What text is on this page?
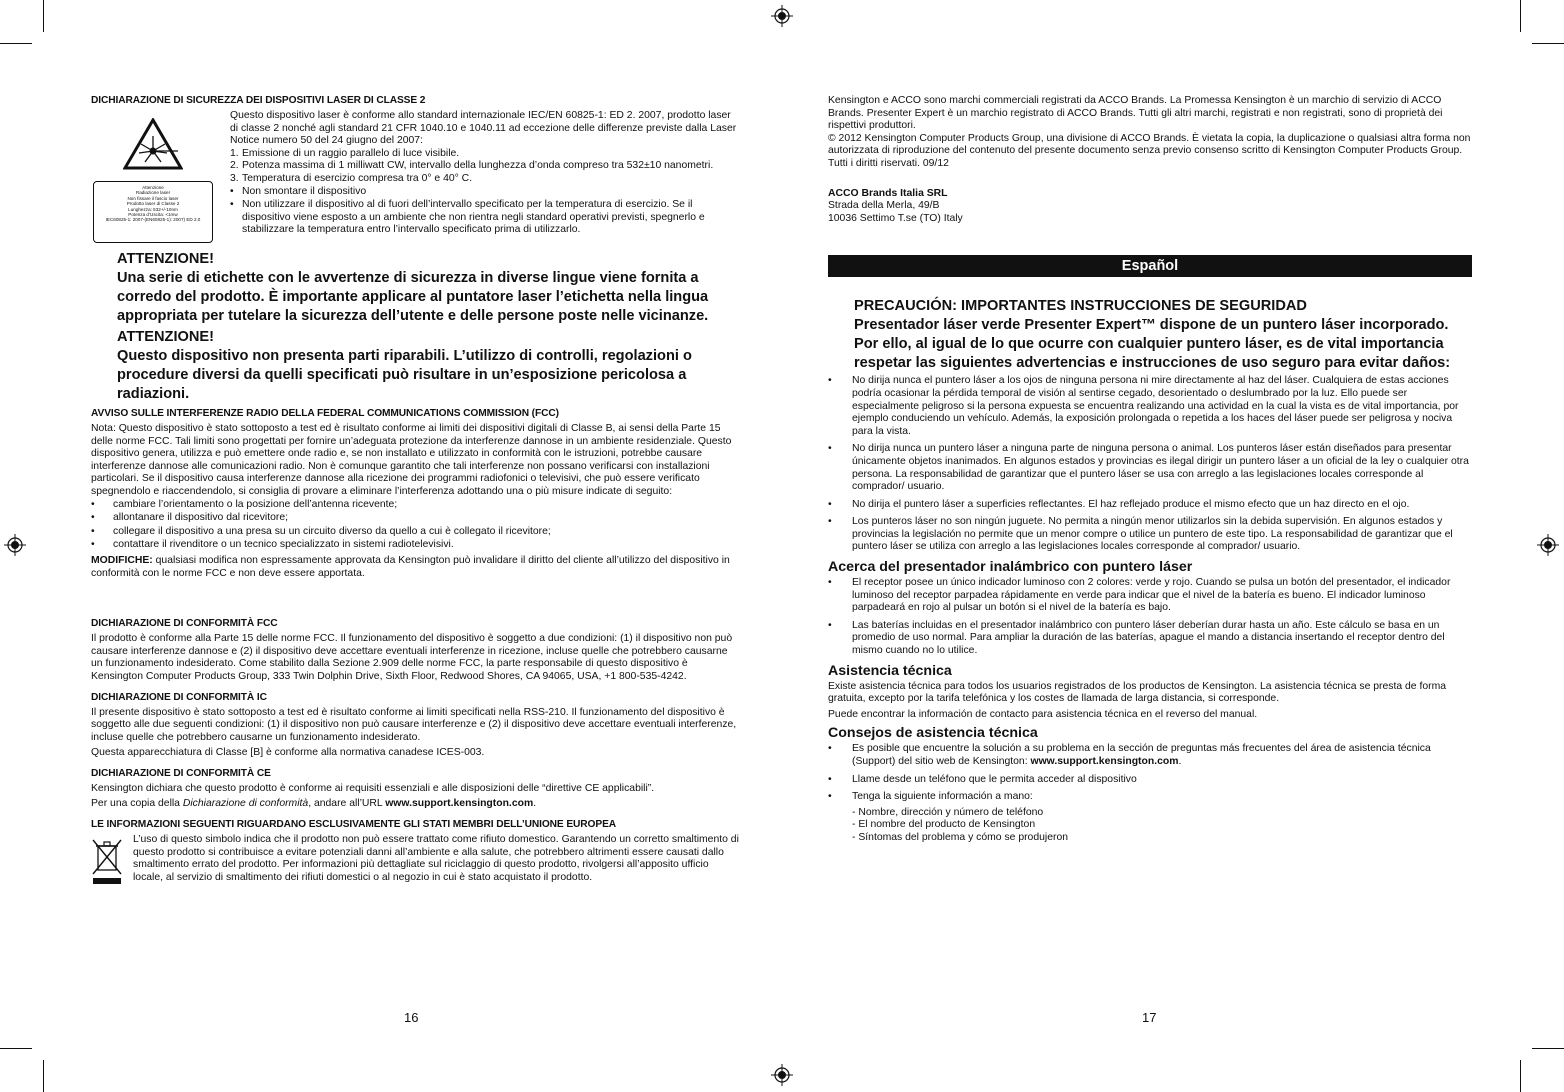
DICHIARAZIONE DI SICUREZZA DEI DISPOSITIVI LASER DI CLASSE 2
Attenzione
Radiazione laser
Non fissare il fascio laser
Prodotto laser di Classe 2
Lunghezza: 532+/-10nm
Potenza d’Uscita: <1mw
IEC60825-1: 2007-(EN60825-1): 2007) ED 2.0
Questo dispositivo laser è conforme allo standard internazionale IEC/EN 60825-1: ED 2. 2007, prodotto laser di classe 2 nonché agli standard 21 CFR 1040.10 e 1040.11 ad eccezione delle differenze previste dalla Laser Notice numero 50 del 24 giugno del 2007:
1. Emissione di un raggio parallelo di luce visibile.
2. Potenza massima di 1 milliwatt CW, intervallo della lunghezza d’onda compreso tra 532±10 nanometri.
3. Temperatura di esercizio compresa tra 0° e 40° C.
• Non smontare il dispositivo
• Non utilizzare il dispositivo al di fuori dell’intervallo specificato per la temperatura di esercizio. Se il dispositivo viene esposto a un ambiente che non rientra negli standard operativi previsti, spegnerlo e stabilizzare la temperatura entro l’intervallo specificato prima di utilizzarlo.
ATTENZIONE!
Una serie di etichette con le avvertenze di sicurezza in diverse lingue viene fornita a corredo del prodotto. È importante applicare al puntatore laser l’etichetta nella lingua appropriata per tutelare la sicurezza dell’utente e delle persone poste nelle vicinanze.
ATTENZIONE!
Questo dispositivo non presenta parti riparabili. L’utilizzo di controlli, regolazioni o procedure diversi da quelli specificati può risultare in un’esposizione pericolosa a radiazioni.
AVVISO SULLE INTERFERENZE RADIO DELLA FEDERAL COMMUNICATIONS COMMISSION (FCC)
Nota: Questo dispositivo è stato sottoposto a test ed è risultato conforme ai limiti dei dispositivi digitali di Classe B, ai sensi della Parte 15 delle norme FCC. Tali limiti sono progettati per fornire un’adeguata protezione da interferenze dannose in un ambiente residenziale. Questo dispositivo genera, utilizza e può emettere onde radio e, se non installato e utilizzato in conformità con le istruzioni, potrebbe causare interferenze dannose alle comunicazioni radio. Non è comunque garantito che tali interferenze non possano verificarsi con installazioni particolari. Se il dispositivo causa interferenze dannose alla ricezione dei programmi radiofonici o televisivi, che può essere verificato spegnendolo e riaccendendolo, si consiglia di provare a eliminare l’interferenza adottando una o più misure indicate di seguito:
• cambiare l’orientamento o la posizione dell’antenna ricevente;
• allontanare il dispositivo dal ricevitore;
• collegare il dispositivo a una presa su un circuito diverso da quello a cui è collegato il ricevitore;
• contattare il rivenditore o un tecnico specializzato in sistemi radiotelevisivi.
MODIFICHE: qualsiasi modifica non espressamente approvata da Kensington può invalidare il diritto del cliente all’utilizzo del dispositivo in conformità con le norme FCC e non deve essere apportata.
DICHIARAZIONE DI CONFORMITÀ FCC
Il prodotto è conforme alla Parte 15 delle norme FCC. Il funzionamento del dispositivo è soggetto a due condizioni: (1) il dispositivo non può causare interferenze dannose e (2) il dispositivo deve accettare eventuali interferenze in ricezione, incluse quelle che potrebbero causarne un funzionamento indesiderato. Come stabilito dalla Sezione 2.909 delle norme FCC, la parte responsabile di questo dispositivo è Kensington Computer Products Group, 333 Twin Dolphin Drive, Sixth Floor, Redwood Shores, CA 94065, USA, +1 800-535-4242.
DICHIARAZIONE DI CONFORMITÀ IC
Il presente dispositivo è stato sottoposto a test ed è risultato conforme ai limiti specificati nella RSS-210. Il funzionamento del dispositivo è soggetto alle due seguenti condizioni: (1) il dispositivo non può causare interferenze e (2) il dispositivo deve accettare eventuali interferenze, incluse quelle che potrebbero causarne un funzionamento indesiderato.
Questa apparecchiatura di Classe [B] è conforme alla normativa canadese ICES-003.
DICHIARAZIONE DI CONFORMITÀ CE
Kensington dichiara che questo prodotto è conforme ai requisiti essenziali e alle disposizioni delle “direttive CE applicabili”.
Per una copia della Dichiarazione di conformità, andare all’URL www.support.kensington.com.
LE INFORMAZIONI SEGUENTI RIGUARDANO ESCLUSIVAMENTE GLI STATI MEMBRI DELL’UNIONE EUROPEA
L’uso di questo simbolo indica che il prodotto non può essere trattato come rifiuto domestico. Garantendo un corretto smaltimento di questo prodotto si contribuisce a evitare potenziali danni all’ambiente e alla salute, che potrebbero altrimenti essere causati dallo smaltimento errato del prodotto. Per informazioni più dettagliate sul riciclaggio di questo prodotto, rivolgersi all’apposito ufficio locale, al servizio di smaltimento dei rifiuti domestici o al negozio in cui è stato acquistato il prodotto.
16
Kensington e ACCO sono marchi commerciali registrati da ACCO Brands. La Promessa Kensington è un marchio di servizio di ACCO Brands. Presenter Expert è un marchio registrato di ACCO Brands. Tutti gli altri marchi, registrati e non registrati, sono di proprietà dei rispettivi produttori.
© 2012 Kensington Computer Products Group, una divisione di ACCO Brands. È vietata la copia, la duplicazione o qualsiasi altra forma non autorizzata di riproduzione del contenuto del presente documento senza previo consenso scritto di Kensington Computer Products Group. Tutti i diritti riservati. 09/12
ACCO Brands Italia SRL
Strada della Merla, 49/B
10036 Settimo T.se (TO) Italy
Español
PRECAUCIÓN: IMPORTANTES INSTRUCCIONES DE SEGURIDAD
Presentador láser verde Presenter Expert™ dispone de un puntero láser incorporado. Por ello, al igual de lo que ocurre con cualquier puntero láser, es de vital importancia respetar las siguientes advertencias e instrucciones de uso seguro para evitar daños:
• No dirija nunca el puntero láser a los ojos de ninguna persona ni mire directamente al haz del láser. Cualquiera de estas acciones podría ocasionar la pérdida temporal de visión al sentirse cegado, desorientado o deslumbrado por la luz. Ello puede ser especialmente peligroso si la persona expuesta se encuentra realizando una actividad en la cual la vista es de vital importancia, por ejemplo conduciendo un vehículo. Además, la exposición prolongada o repetida a los haces del láser puede ser peligrosa y nociva para la vista.
• No dirija nunca un puntero láser a ninguna parte de ninguna persona o animal. Los punteros láser están diseñados para presentar únicamente objetos inanimados. En algunos estados y provincias es ilegal dirigir un puntero láser a un oficial de la ley o cualquier otra persona. La responsabilidad de garantizar que el puntero láser se usa con arreglo a las legislaciones locales corresponde al comprador/ usuario.
• No dirija el puntero láser a superficies reflectantes. El haz reflejado produce el mismo efecto que un haz directo en el ojo.
• Los punteros láser no son ningún juguete. No permita a ningún menor utilizarlos sin la debida supervisión. En algunos estados y provincias la legislación no permite que un menor compre o utilice un puntero de este tipo. La responsabilidad de garantizar que el puntero láser se utiliza con arreglo a las legislaciones locales corresponde al comprador/ usuario.
Acerca del presentador inalámbrico con puntero láser
• El receptor posee un único indicador luminoso con 2 colores: verde y rojo. Cuando se pulsa un botón del presentador, el indicador luminoso del receptor parpadea rápidamente en verde para indicar que el nivel de la batería es bueno. El indicador luminoso parpadeará en rojo al pulsar un botón si el nivel de la batería es bajo.
• Las baterías incluidas en el presentador inalámbrico con puntero láser deberían durar hasta un año. Este cálculo se basa en un promedio de uso normal. Para ampliar la duración de las baterías, apague el mando a distancia insertando el receptor dentro del mismo cuando no lo utilice.
Asistencia técnica
Existe asistencia técnica para todos los usuarios registrados de los productos de Kensington. La asistencia técnica se presta de forma gratuita, excepto por la tarifa telefónica y los costes de llamada de larga distancia, si corresponde.
Puede encontrar la información de contacto para asistencia técnica en el reverso del manual.
Consejos de asistencia técnica
• Es posible que encuentre la solución a su problema en la sección de preguntas más frecuentes del área de asistencia técnica (Support) del sitio web de Kensington: www.support.kensington.com.
• Llame desde un teléfono que le permita acceder al dispositivo
• Tenga la siguiente información a mano:
- Nombre, dirección y número de teléfono
- El nombre del producto de Kensington
- Síntomas del problema y cómo se produjeron
17
